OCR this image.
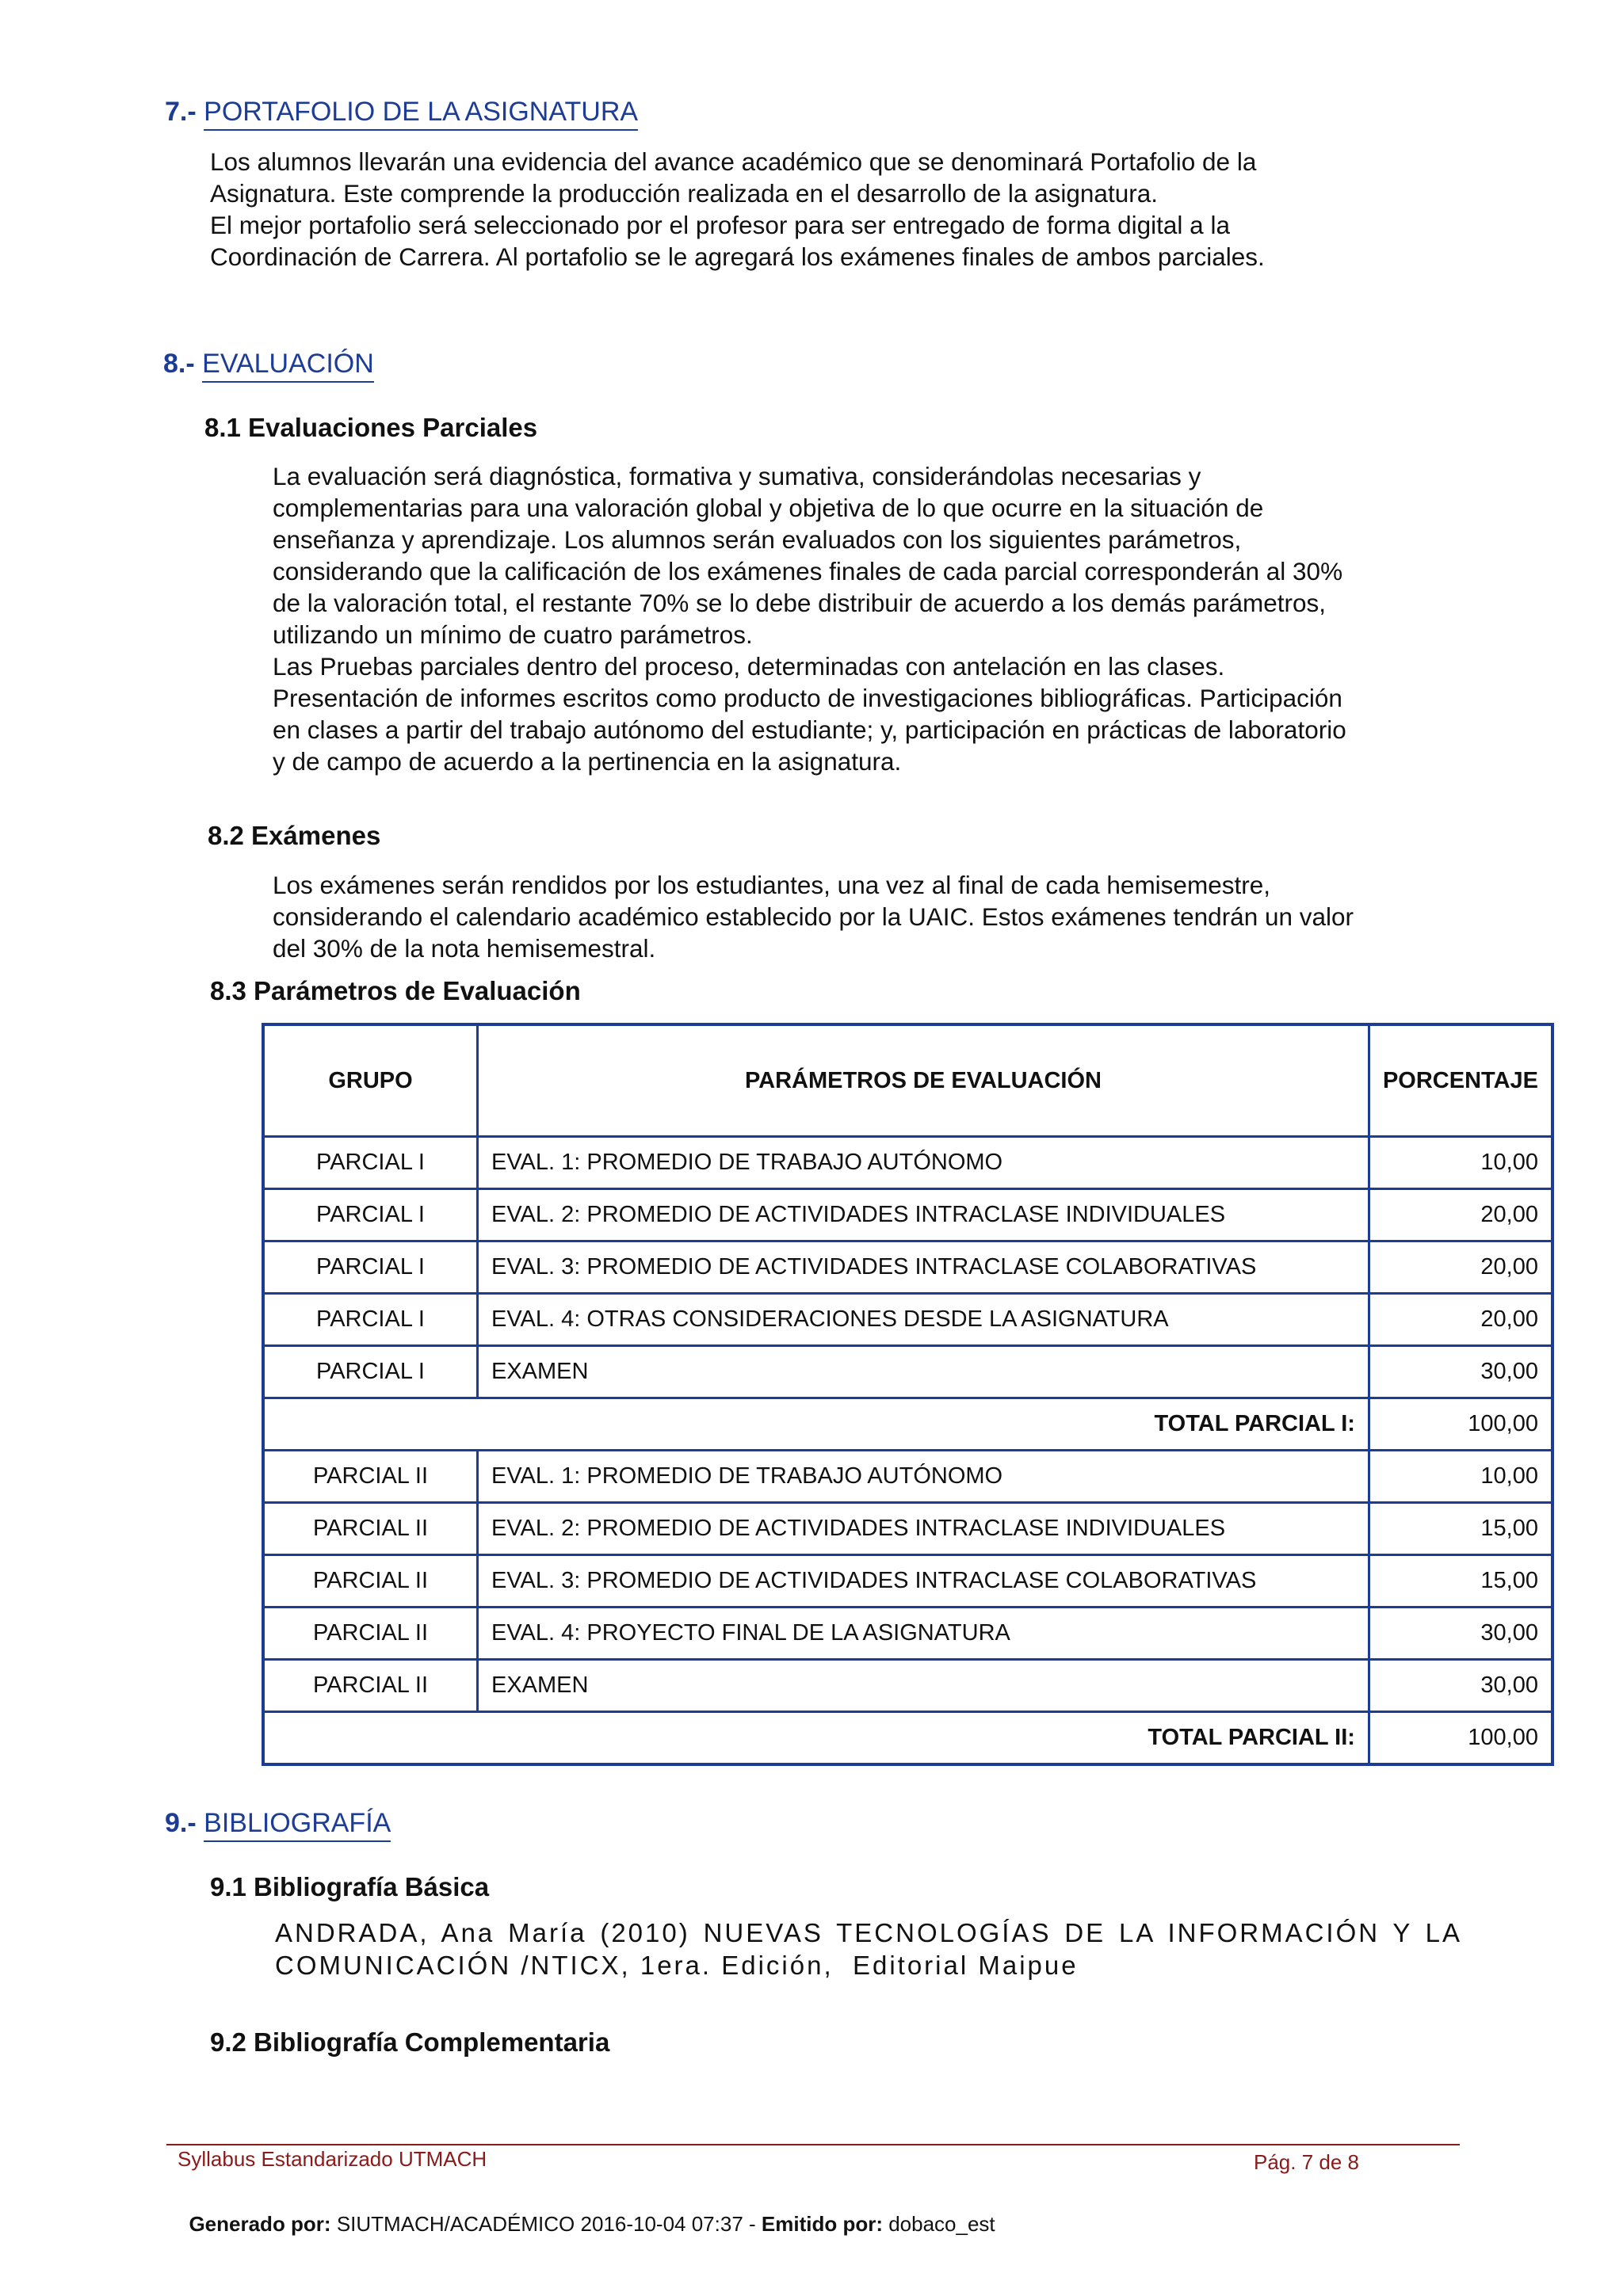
7.- PORTAFOLIO DE LA ASIGNATURA
Los alumnos llevarán una evidencia del avance académico que se denominará Portafolio de la
Asignatura. Este comprende la producción realizada en el desarrollo de la asignatura.
El mejor portafolio será seleccionado por el profesor para ser entregado de forma digital a la
Coordinación de Carrera. Al portafolio se le agregará los exámenes finales de ambos parciales.
8.- EVALUACIÓN
8.1 Evaluaciones Parciales
La evaluación será diagnóstica, formativa y sumativa, considerándolas necesarias y
complementarias para una valoración global y objetiva de lo que ocurre en la situación de
enseñanza y aprendizaje. Los alumnos serán evaluados con los siguientes parámetros,
considerando que la calificación de los exámenes finales de cada parcial corresponderán al 30%
de la valoración total, el restante 70% se lo debe distribuir de acuerdo a los demás parámetros,
utilizando un mínimo de cuatro parámetros.
Las Pruebas parciales dentro del proceso, determinadas con antelación en las clases.
Presentación de informes escritos como producto de investigaciones bibliográficas. Participación
en clases a partir del trabajo autónomo del estudiante; y, participación en prácticas de laboratorio
y de campo de acuerdo a la pertinencia en la asignatura.
8.2 Exámenes
Los exámenes serán rendidos por los estudiantes, una vez al final de cada hemisemestre,
considerando el calendario académico establecido por la UAIC. Estos exámenes tendrán un valor
del 30% de la nota hemisemestral.
8.3 Parámetros de Evaluación
GRUPO	PARÁMETROS DE EVALUACIÓN	PORCENTAJE
PARCIAL I	EVAL. 1: PROMEDIO DE TRABAJO AUTÓNOMO	10,00
PARCIAL I	EVAL. 2: PROMEDIO DE ACTIVIDADES INTRACLASE INDIVIDUALES	20,00
PARCIAL I	EVAL. 3: PROMEDIO DE ACTIVIDADES INTRACLASE COLABORATIVAS	20,00
PARCIAL I	EVAL. 4: OTRAS CONSIDERACIONES DESDE LA ASIGNATURA	20,00
PARCIAL I	EXAMEN	30,00
TOTAL PARCIAL I:		100,00
PARCIAL II	EVAL. 1: PROMEDIO DE TRABAJO AUTÓNOMO	10,00
PARCIAL II	EVAL. 2: PROMEDIO DE ACTIVIDADES INTRACLASE INDIVIDUALES	15,00
PARCIAL II	EVAL. 3: PROMEDIO DE ACTIVIDADES INTRACLASE COLABORATIVAS	15,00
PARCIAL II	EVAL. 4: PROYECTO FINAL DE LA ASIGNATURA	30,00
PARCIAL II	EXAMEN	30,00
TOTAL PARCIAL II:		100,00
9.- BIBLIOGRAFÍA
9.1 Bibliografía Básica
ANDRADA, Ana María (2010) NUEVAS TECNOLOGÍAS DE LA INFORMACIÓN Y LA
COMUNICACIÓN /NTICX, 1era. Edición,  Editorial Maipue
9.2 Bibliografía Complementaria
Syllabus Estandarizado UTMACH	Pág. 7 de 8

Generado por: SIUTMACH/ACADÉMICO 2016-10-04 07:37 - Emitido por: dobaco_est
